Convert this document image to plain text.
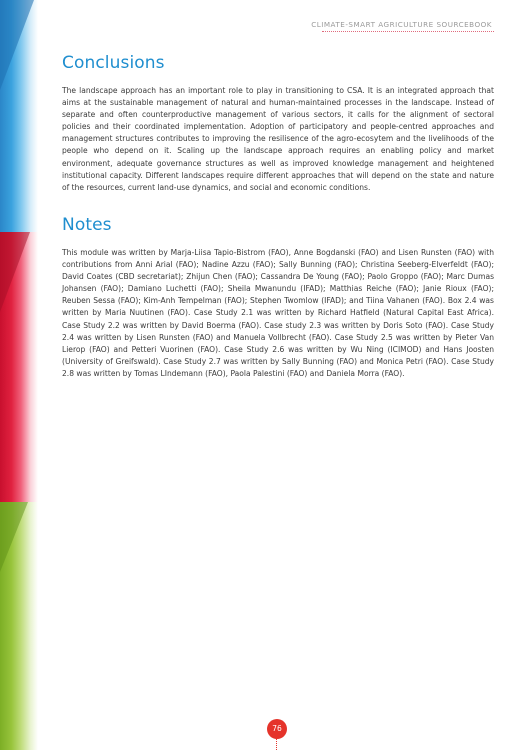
CLIMATE-SMART AGRICULTURE SOURCEBOOK
Conclusions

The landscape approach has an important role to play in transitioning to CSA. It is an integrated approach that aims at the sustainable management of natural and human-maintained processes in the landscape. Instead of separate and often counterproductive management of various sectors, it calls for the alignment of sectoral policies and their coordinated implementation. Adoption of participatory and people-centred approaches and management structures contributes to improving the resilisence of the agro-ecosytem and the livelihoods of the people who depend on it. Scaling up the landscape approach requires an enabling policy and market environment, adequate governance structures as well as improved knowledge management and heightened institutional capacity. Different landscapes require different approaches that will depend on the state and nature of the resources, current land-use dynamics, and social and economic conditions.

Notes

This module was written by Marja-Liisa Tapio-Bistrom (FAO), Anne Bogdanski (FAO) and Lisen Runsten (FAO) with contributions from Anni Arial (FAO); Nadine Azzu (FAO); Sally Bunning (FAO); Christina Seeberg-Elverfeldt (FAO); David Coates (CBD secretariat); Zhijun Chen (FAO); Cassandra De Young (FAO); Paolo Groppo (FAO); Marc Dumas Johansen (FAO); Damiano Luchetti (FAO); Sheila Mwanundu (IFAD); Matthias Reiche (FAO); Janie Rioux (FAO); Reuben Sessa (FAO); Kim-Anh Tempelman (FAO); Stephen Twomlow (IFAD); and Tiina Vahanen (FAO). Box 2.4 was written by Maria Nuutinen (FAO). Case Study 2.1 was written by Richard Hatfield (Natural Capital East Africa). Case Study 2.2 was written by David Boerma (FAO). Case study 2.3 was written by Doris Soto (FAO). Case Study 2.4 was written by Lisen Runsten (FAO) and Manuela Vollbrecht (FAO). Case Study 2.5 was written by Pieter Van Lierop (FAO) and Petteri Vuorinen (FAO). Case Study 2.6 was written by Wu Ning (ICIMOD) and Hans Joosten (University of Greifswald). Case Study 2.7 was written by Sally Bunning (FAO) and Monica Petri (FAO). Case Study 2.8 was written by Tomas LIndemann (FAO), Paola Palestini (FAO) and Daniela Morra (FAO).

76
